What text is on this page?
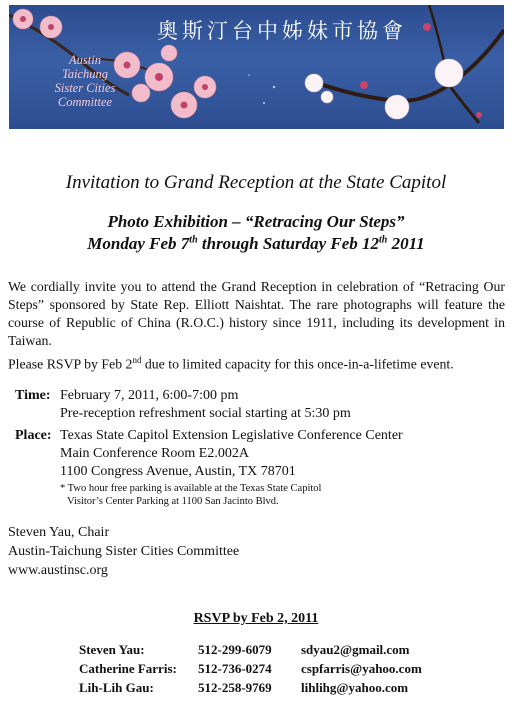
奧斯汀台中姊妹市協會
Austin
Taichung
Sister Cities
Committee
Invitation to Grand Reception at the State Capitol
Photo Exhibition – “Retracing Our Steps”
Monday Feb 7th through Saturday Feb 12th 2011
We cordially invite you to attend the Grand Reception in celebration of “Retracing Our Steps” sponsored by State Rep. Elliott Naishtat. The rare photographs will feature the course of Republic of China (R.O.C.) history since 1911, including its development in Taiwan.
Please RSVP by Feb 2nd due to limited capacity for this once-in-a-lifetime event.
Time: February 7, 2011, 6:00-7:00 pm
Pre-reception refreshment social starting at 5:30 pm
Place: Texas State Capitol Extension Legislative Conference Center
Main Conference Room E2.002A
1100 Congress Avenue, Austin, TX 78701
* Two hour free parking is available at the Texas State Capitol
Visitor’s Center Parking at 1100 San Jacinto Blvd.
Steven Yau, Chair
Austin-Taichung Sister Cities Committee
www.austinsc.org
RSVP by Feb 2, 2011
Steven Yau:	512-299-6079 sdyau2@gmail.com
Catherine Farris: 512-736-0274 cspfarris@yahoo.com
Lih-Lih Gau:	512-258-9769 lihlihg@yahoo.com
